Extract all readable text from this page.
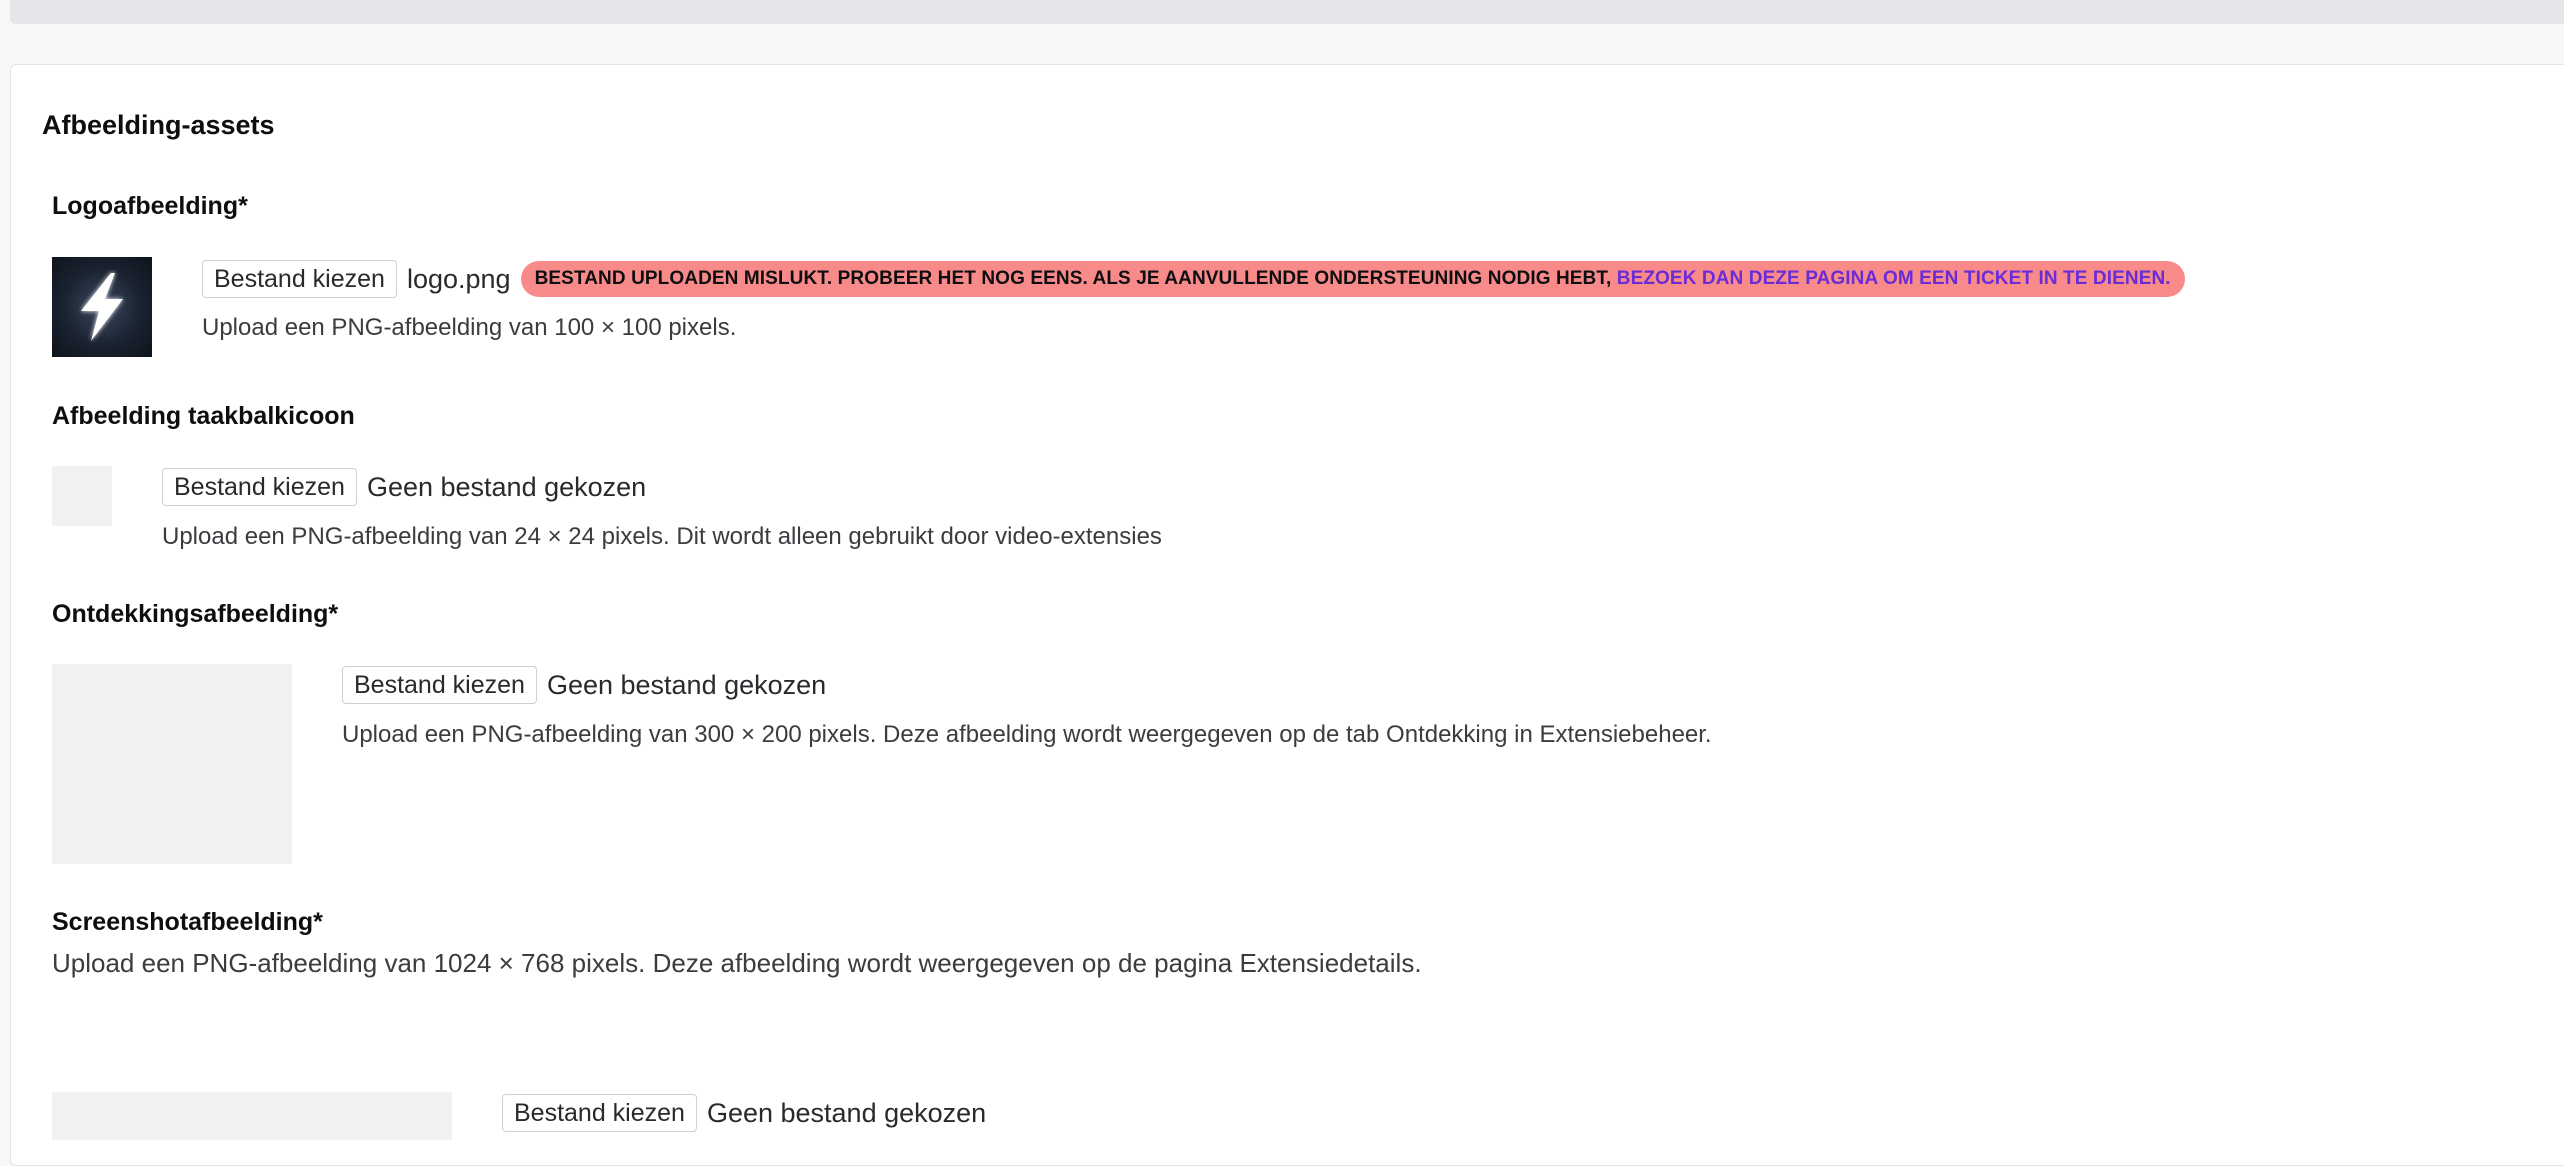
Afbeelding-assets
Logoafbeelding*
Bestand kiezen logo.png	BESTAND UPLOADEN MISLUKT. PROBEER HET NOG EENS. ALS JE AANVULLENDE ONDERSTEUNING NODIG HEBT, BEZOEK DAN DEZE PAGINA OM EEN TICKET IN TE DIENEN.
Upload een PNG-afbeelding van 100 × 100 pixels.
Afbeelding taakbalkicoon
Bestand kiezen Geen bestand gekozen
Upload een PNG-afbeelding van 24 × 24 pixels. Dit wordt alleen gebruikt door video-extensies
Ontdekkingsafbeelding*
Bestand kiezen Geen bestand gekozen
Upload een PNG-afbeelding van 300 × 200 pixels. Deze afbeelding wordt weergegeven op de tab Ontdekking in Extensiebeheer.
Screenshotafbeelding*
Upload een PNG-afbeelding van 1024 × 768 pixels. Deze afbeelding wordt weergegeven op de pagina Extensiedetails.
Bestand kiezen Geen bestand gekozen
